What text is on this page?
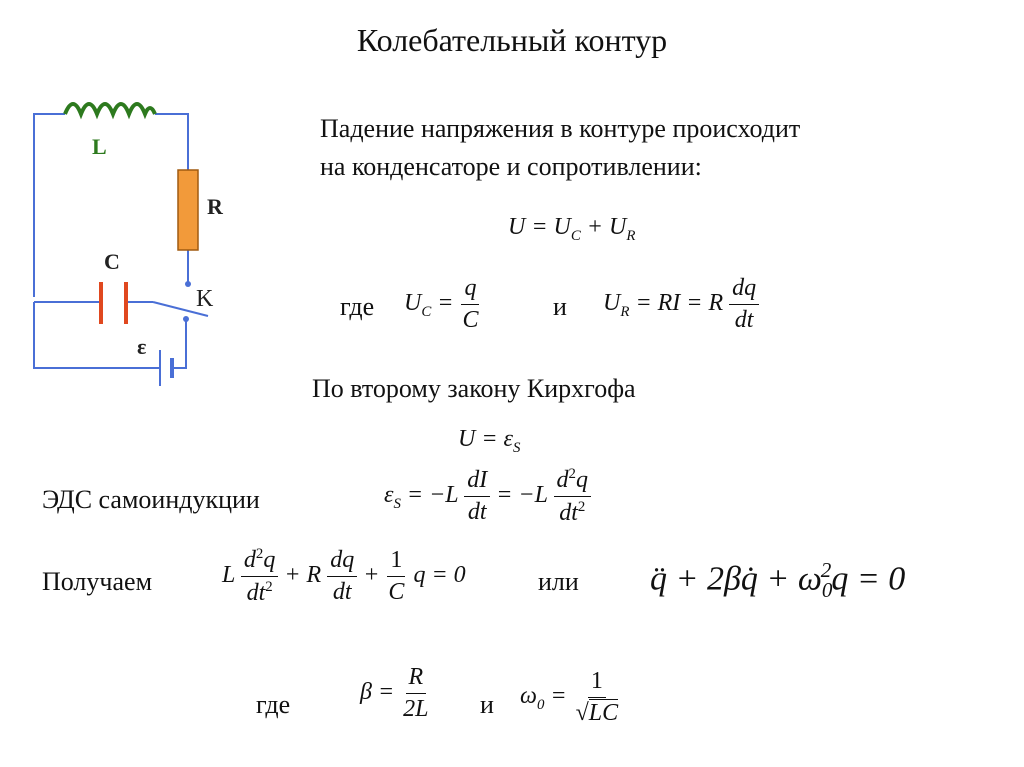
Колебательный контур
L
R
C
K
ε
Падение напряжения в контуре происходит
на конденсаторе и сопротивлении:
$U = U_C + U_R$
где $U_C = \frac{q}{C}$	и $U_R$ = RI = R $\frac{dq}{dt}$
По второму закону Кирхгофа
$U = \varepsilon_S$
ЭДС самоиндукции	$\varepsilon_S = -L \frac{dI}{dt} = -L \frac{d^2q}{dt^2}$
Получаем	L $\frac{d^2q}{dt^2} + R \frac{dq}{dt} + \frac{1}{C}$ q = 0	или q̈ + 2βq̇ + $\omega_0^2q = 0$
где	$\beta = \frac{R}{2L}$ и $\omega_0 = \frac{1}{√LC}$
